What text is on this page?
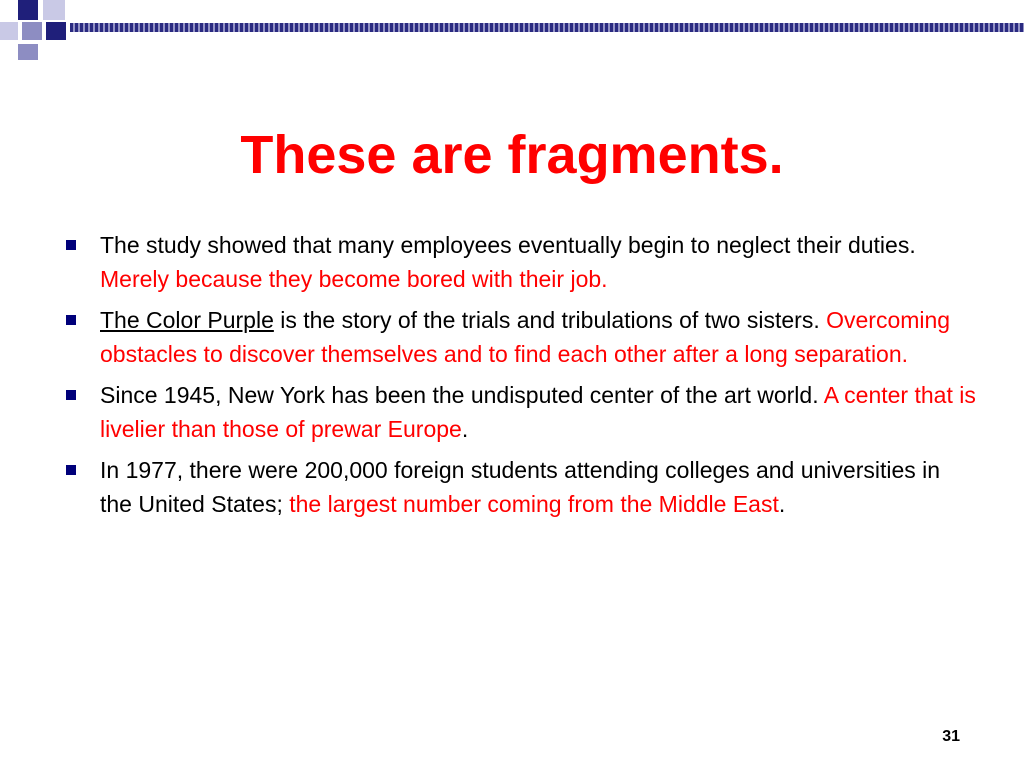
These are fragments.
The study showed that many employees eventually begin to neglect their duties. Merely because they become bored with their job.
The Color Purple is the story of the trials and tribulations of two sisters. Overcoming obstacles to discover themselves and to find each other after a long separation.
Since 1945, New York has been the undisputed center of the art world. A center that is livelier than those of prewar Europe.
In 1977, there were 200,000 foreign students attending colleges and universities in the United States; the largest number coming from the Middle East.
31
